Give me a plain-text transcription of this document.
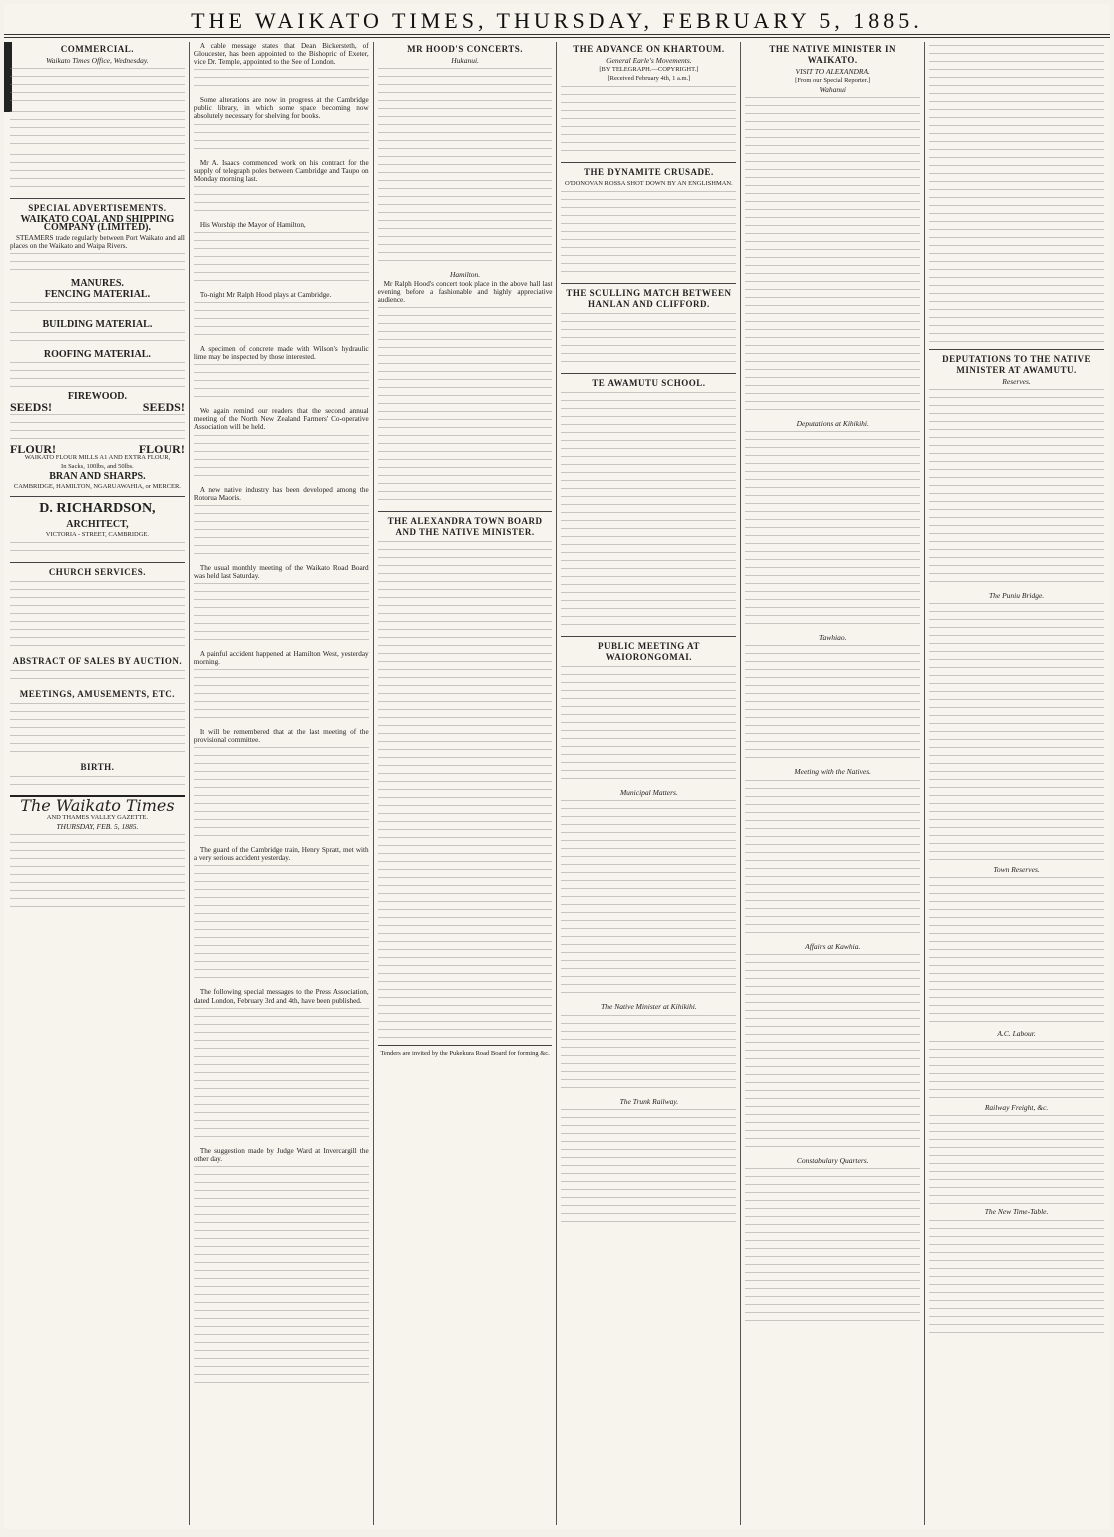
THE WAIKATO TIMES, THURSDAY, FEBRUARY 5, 1885.
COMMERCIAL.
Waikato Times Office, Wednesday.
SPECIAL ADVERTISEMENTS.
WAIKATO COAL AND SHIPPING COMPANY (LIMITED).
STEAMERS trade regularly between Port Waikato and all places on the Waikato and Waipa Rivers.
MANURES.
FENCING MATERIAL.
BUILDING MATERIAL.
ROOFING MATERIAL.
FIREWOOD.
SEEDS!	SEEDS!
FLOUR!	FLOUR!
WAIKATO FLOUR MILLS A1 AND EXTRA FLOUR,
In Sacks, 100lbs, and 50lbs.
BRAN AND SHARPS.
CAMBRIDGE, HAMILTON, NGARUAWAHIA, or MERCER.
D. RICHARDSON,
ARCHITECT,
VICTORIA - STREET, CAMBRIDGE.
CHURCH SERVICES.
ABSTRACT OF SALES BY AUCTION.
MEETINGS, AMUSEMENTS, ETC.
BIRTH.
The Waikato Times
AND THAMES VALLEY GAZETTE.
THURSDAY, FEB. 5, 1885.
A cable message states that Dean Bickersteth, of Gloucester, has been appointed to the Bishopric of Exeter, vice Dr. Temple, appointed to the See of London.
Some alterations are now in progress at the Cambridge public library, in which some space becoming now absolutely necessary for shelving for books.
Mr A. Isaacs commenced work on his contract for the supply of telegraph poles between Cambridge and Taupo on Monday morning last.
His Worship the Mayor of Hamilton,
To-night Mr Ralph Hood plays at Cambridge.
A specimen of concrete made with Wilson's hydraulic lime may be inspected by those interested.
We again remind our readers that the second annual meeting of the North New Zealand Farmers' Co-operative Association will be held.
A new native industry has been developed among the Rotorua Maoris.
The usual monthly meeting of the Waikato Road Board was held last Saturday.
A painful accident happened at Hamilton West, yesterday morning.
It will be remembered that at the last meeting of the provisional committee.
The guard of the Cambridge train, Henry Spratt, met with a very serious accident yesterday.
The following special messages to the Press Association, dated London, February 3rd and 4th, have been published.
The suggestion made by Judge Ward at Invercargill the other day.
MR HOOD'S CONCERTS.
Hukanui.
Hamilton.
Mr Ralph Hood's concert took place in the above hall last evening before a fashionable and highly appreciative audience.
THE ALEXANDRA TOWN BOARD AND THE NATIVE MINISTER.
Tenders are invited by the Pukekura Road Board for forming &c.
THE ADVANCE ON KHARTOUM.
General Earle's Movements.
[BY TELEGRAPH.—COPYRIGHT.]
[Received February 4th, 1 a.m.]
THE DYNAMITE CRUSADE.
O'DONOVAN ROSSA SHOT DOWN BY AN ENGLISHMAN.
THE SCULLING MATCH BETWEEN HANLAN AND CLIFFORD.
TE AWAMUTU SCHOOL.
PUBLIC MEETING AT WAIORONGOMAI.
Municipal Matters.
The Native Minister at Kihikihi.
The Trunk Railway.
THE NATIVE MINISTER IN WAIKATO.
VISIT TO ALEXANDRA.
[From our Special Reporter.]
Wahanui
Deputations at Kihikihi.
Tawhiao.
Meeting with the Natives.
Affairs at Kawhia.
Constabulary Quarters.
DEPUTATIONS TO THE NATIVE MINISTER AT AWAMUTU.
Reserves.
The Puniu Bridge.
Town Reserves.
A.C. Labour.
Railway Freight, &c.
The New Time-Table.
